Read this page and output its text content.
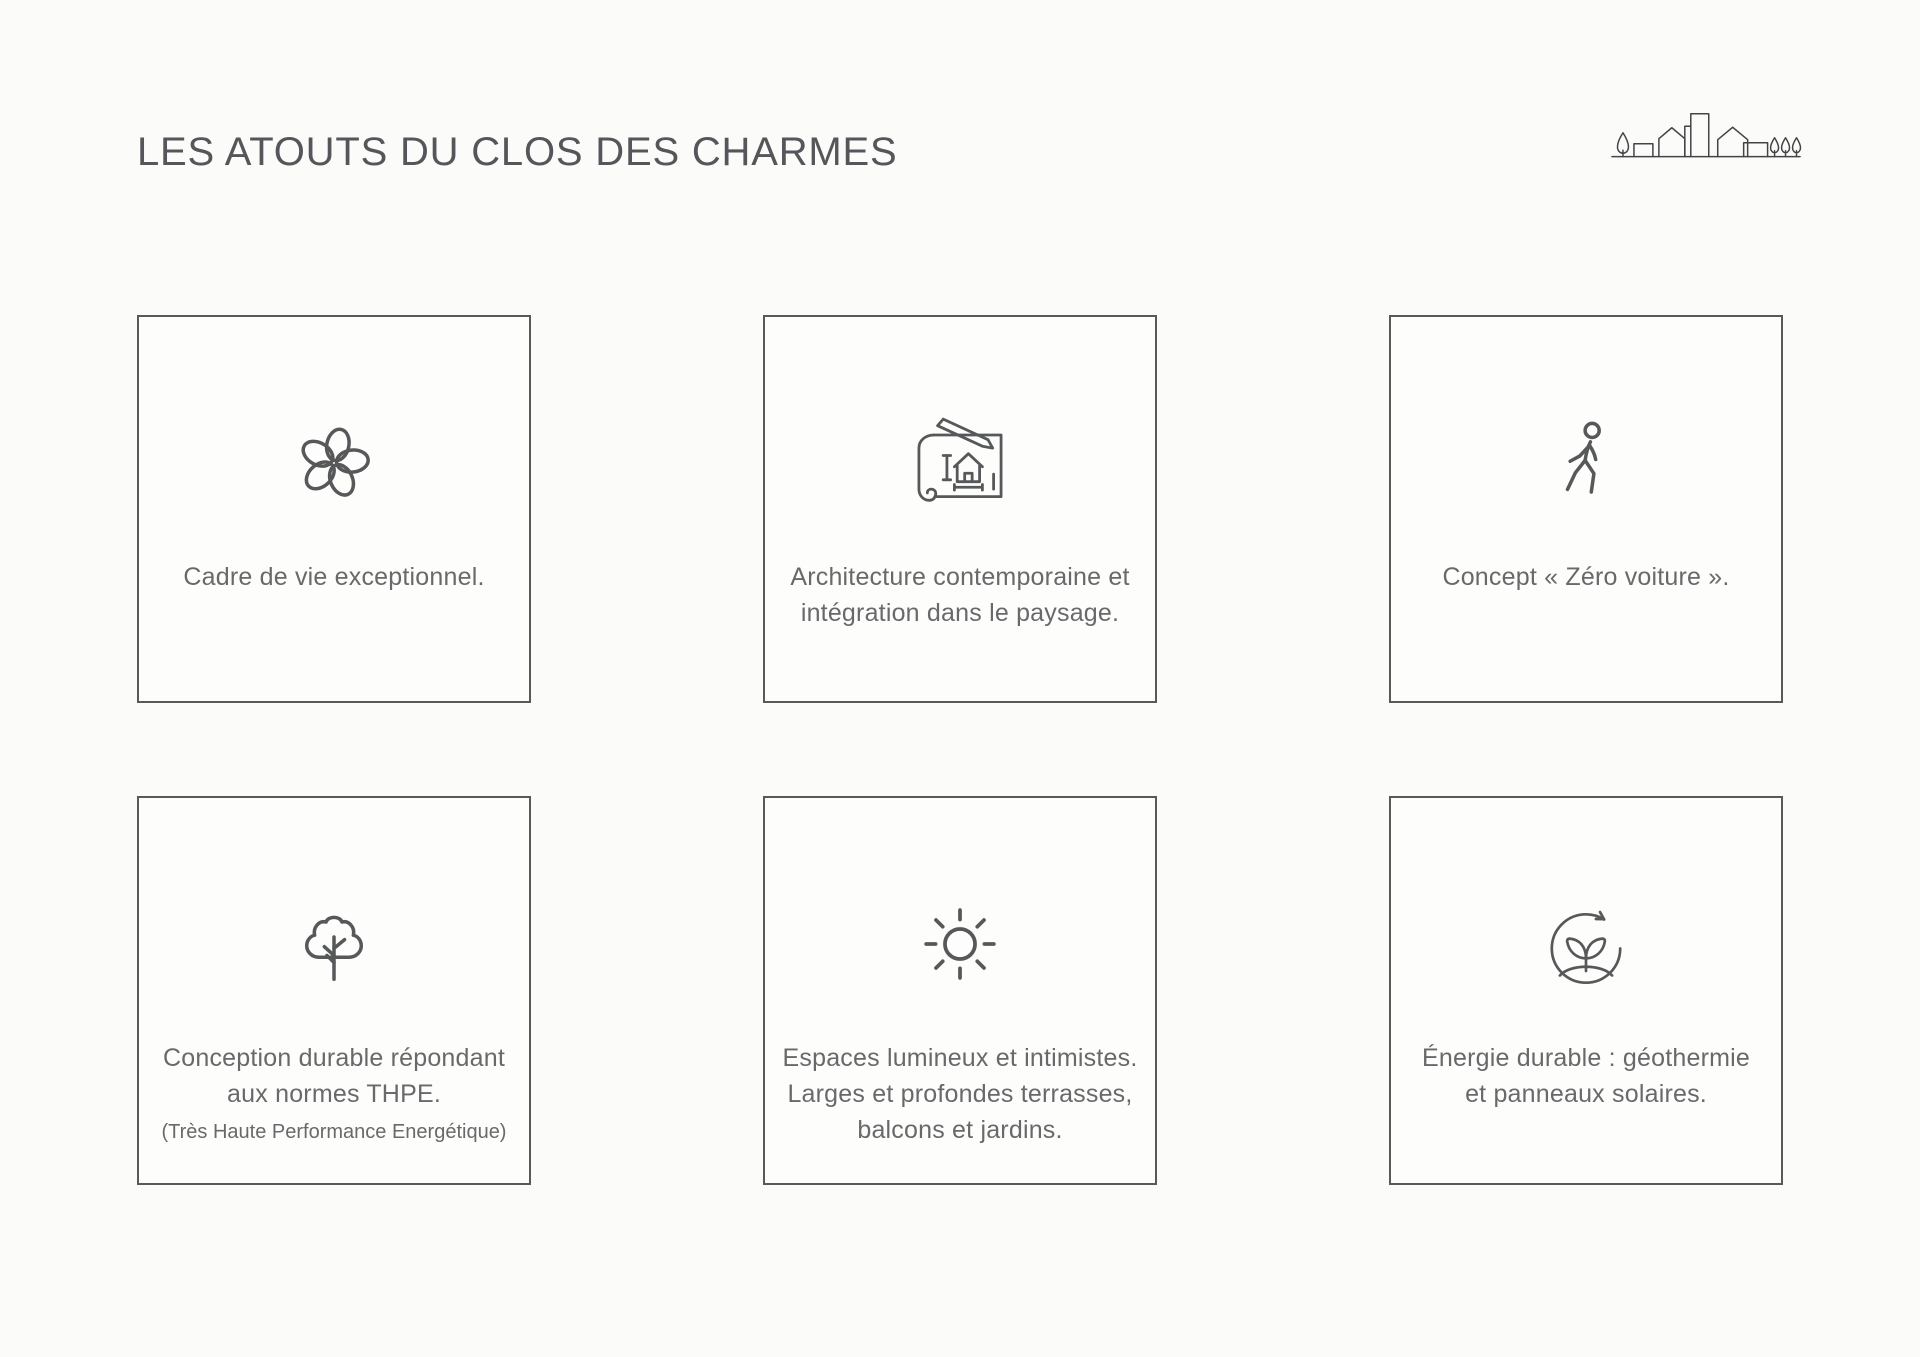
LES ATOUTS DU CLOS DES CHARMES
Cadre de vie exceptionnel.	Architecture contemporaine et
intégration dans le paysage.
Concept « Zéro voiture ».
Conception durable répondant
aux normes THPE.
(Très Haute Performance Energétique)
Espaces lumineux et intimistes.
Larges et profondes terrasses,
balcons et jardins.
Énergie durable : géothermie
et panneaux solaires.
